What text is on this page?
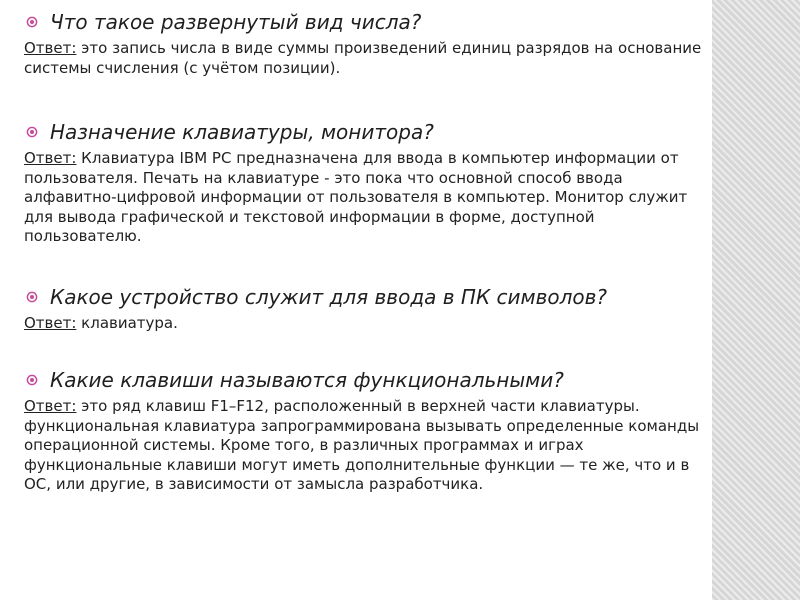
Что такое развернутый вид числа?
Ответ: это запись числа в виде суммы произведений единиц разрядов на основание системы счисления (с учётом позиции).
Назначение клавиатуры, монитора?
Ответ: Клавиатура IBM PC предназначена для ввода в компьютер информации от пользователя. Печать на клавиатуре - это пока что основной способ ввода алфавитно-цифровой информации от пользователя в компьютер. Монитор служит для вывода графической и текстовой информации в форме, доступной пользователю.
Какое устройство служит для ввода в ПК символов?
Ответ: клавиатура.
Какие клавиши называются функциональными?
Ответ: это ряд клавиш F1–F12, расположенный в верхней части клавиатуры. функциональная клавиатура запрограммирована вызывать определенные команды операционной системы. Кроме того, в различных программах и играх функциональные клавиши могут иметь дополнительные функции — те же, что и в ОС, или другие, в зависимости от замысла разработчика.
